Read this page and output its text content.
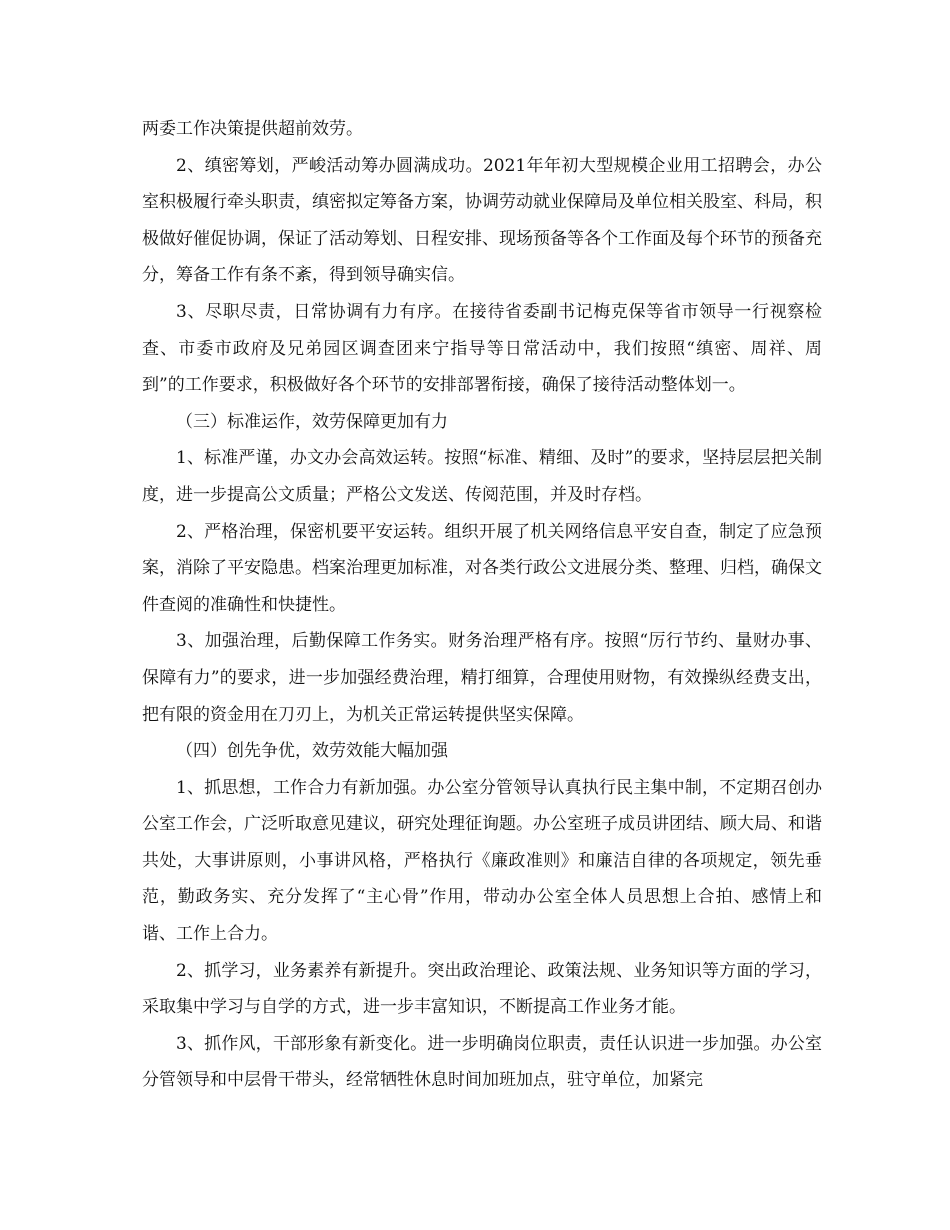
两委工作决策提供超前效劳。

2、缜密筹划，严峻活动筹办圆满成功。2021年年初大型规模企业用工招聘会，办公室积极履行牵头职责，缜密拟定筹备方案，协调劳动就业保障局及单位相关股室、科局，积极做好催促协调，保证了活动筹划、日程安排、现场预备等各个工作面及每个环节的预备充分，筹备工作有条不紊，得到领导确实信。

3、尽职尽责，日常协调有力有序。在接待省委副书记梅克保等省市领导一行视察检查、市委市政府及兄弟园区调查团来宁指导等日常活动中，我们按照“缜密、周祥、周到”的工作要求，积极做好各个环节的安排部署衔接，确保了接待活动整体划一。

（三）标准运作，效劳保障更加有力

1、标准严谨，办文办会高效运转。按照“标准、精细、及时”的要求，坚持层层把关制度，进一步提高公文质量；严格公文发送、传阅范围，并及时存档。

2、严格治理，保密机要平安运转。组织开展了机关网络信息平安自查，制定了应急预案，消除了平安隐患。档案治理更加标准，对各类行政公文进展分类、整理、归档，确保文件查阅的准确性和快捷性。

3、加强治理，后勤保障工作务实。财务治理严格有序。按照“厉行节约、量财办事、保障有力”的要求，进一步加强经费治理，精打细算，合理使用财物，有效操纵经费支出，把有限的资金用在刀刃上，为机关正常运转提供坚实保障。

（四）创先争优，效劳效能大幅加强

1、抓思想，工作合力有新加强。办公室分管领导认真执行民主集中制，不定期召创办公室工作会，广泛听取意见建议，研究处理征询题。办公室班子成员讲团结、顾大局、和谐共处，大事讲原则，小事讲风格，严格执行《廉政准则》和廉洁自律的各项规定，领先垂范，勤政务实、充分发挥了“主心骨”作用，带动办公室全体人员思想上合拍、感情上和谐、工作上合力。

2、抓学习，业务素养有新提升。突出政治理论、政策法规、业务知识等方面的学习，采取集中学习与自学的方式，进一步丰富知识，不断提高工作业务才能。

3、抓作风，干部形象有新变化。进一步明确岗位职责，责任认识进一步加强。办公室分管领导和中层骨干带头，经常牺牲休息时间加班加点，驻守单位，加紧完
